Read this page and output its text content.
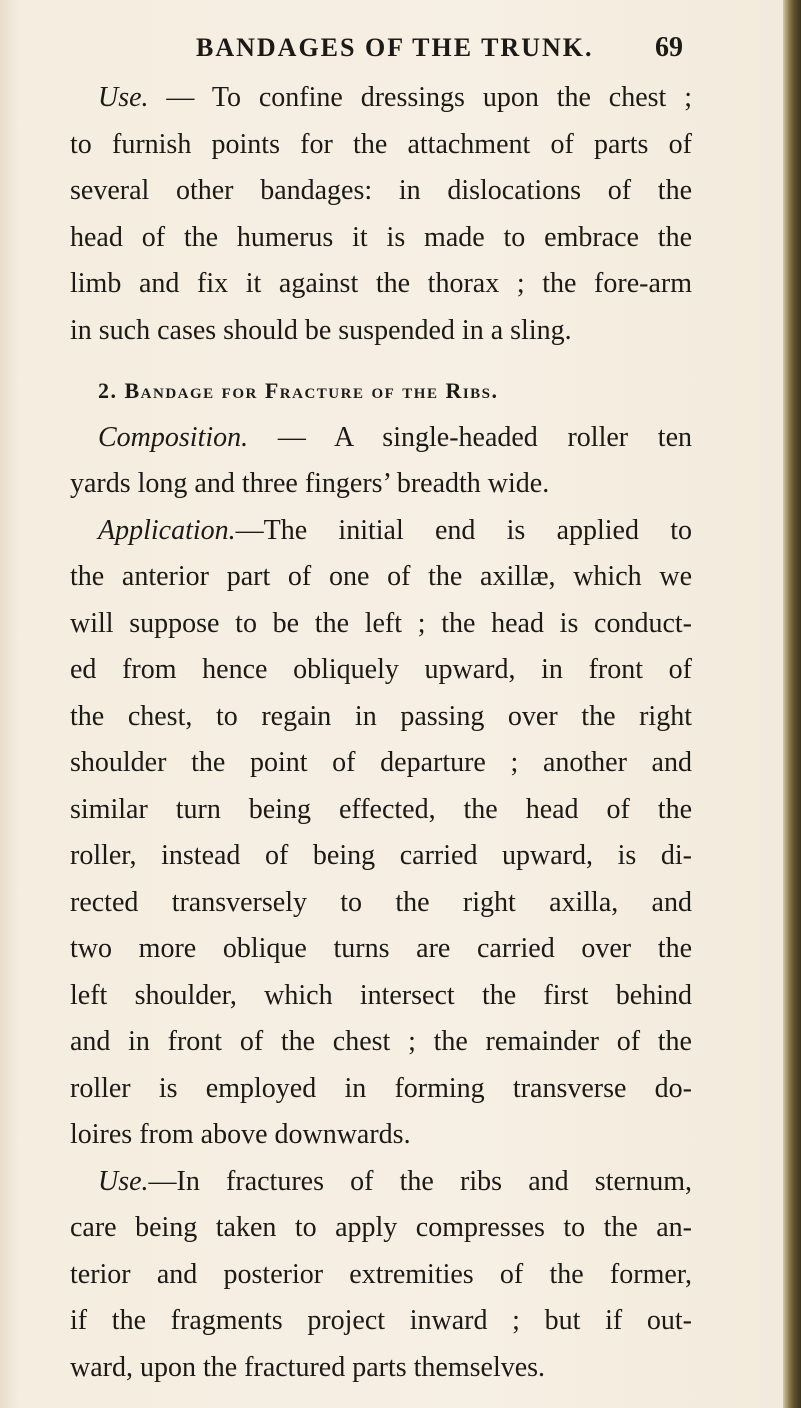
BANDAGES OF THE TRUNK. 69
Use. — To confine dressings upon the chest ;
to furnish points for the attachment of parts of
several other bandages: in dislocations of the
head of the humerus it is made to embrace the
limb and fix it against the thorax ; the fore-arm
in such cases should be suspended in a sling.
2. Bandage for Fracture of the Ribs.
Composition. — A single-headed roller ten
yards long and three fingers’ breadth wide.
Application.—The initial end is applied to
the anterior part of one of the axillæ, which we
will suppose to be the left ; the head is conduct-
ed from hence obliquely upward, in front of
the chest, to regain in passing over the right
shoulder the point of departure ; another and
similar turn being effected, the head of the
roller, instead of being carried upward, is di-
rected transversely to the right axilla, and
two more oblique turns are carried over the
left shoulder, which intersect the first behind
and in front of the chest ; the remainder of the
roller is employed in forming transverse do-
loires from above downwards.
Use.—In fractures of the ribs and sternum,
care being taken to apply compresses to the an-
terior and posterior extremities of the former,
if the fragments project inward ; but if out-
ward, upon the fractured parts themselves.
